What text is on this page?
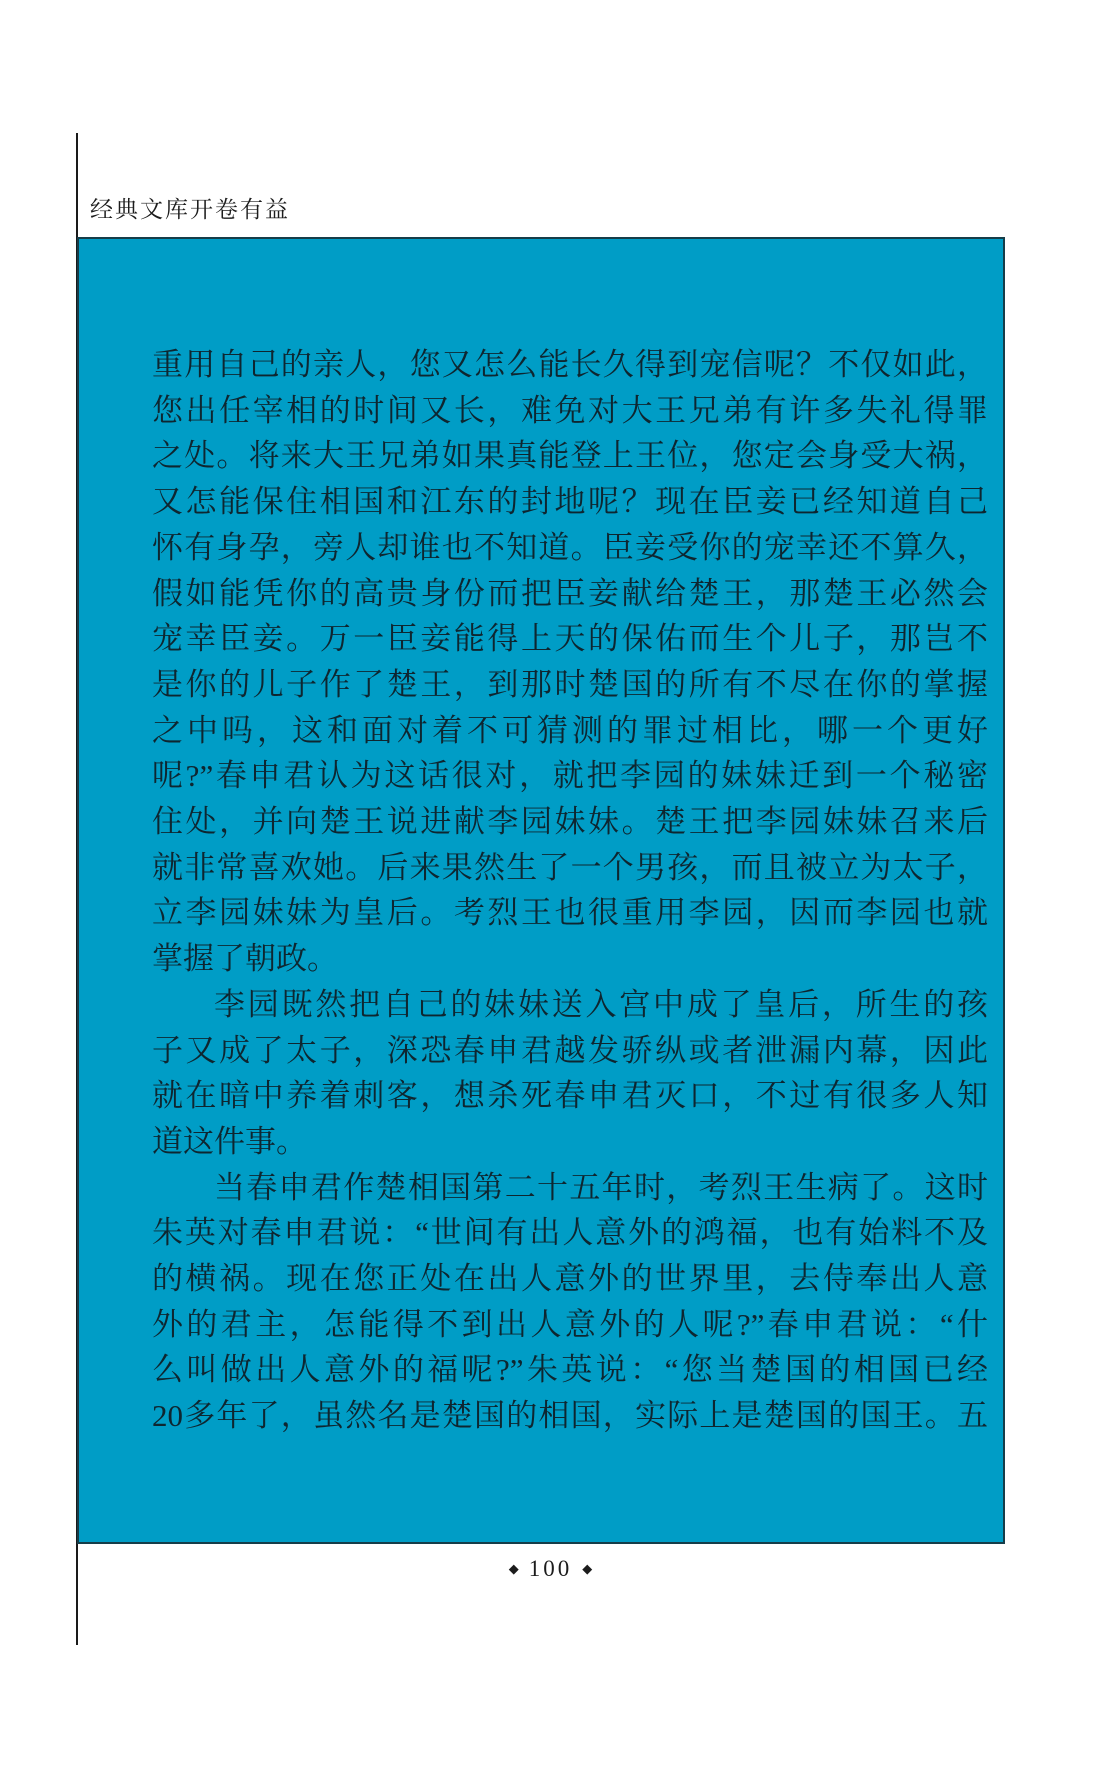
经典文库开卷有益
重用自己的亲人，您又怎么能长久得到宠信呢？不仅如此，
您出任宰相的时间又长，难免对大王兄弟有许多失礼得罪
之处。将来大王兄弟如果真能登上王位，您定会身受大祸，
又怎能保住相国和江东的封地呢？现在臣妾已经知道自己
怀有身孕，旁人却谁也不知道。臣妾受你的宠幸还不算久，
假如能凭你的高贵身份而把臣妾献给楚王，那楚王必然会
宠幸臣妾。万一臣妾能得上天的保佑而生个儿子，那岂不
是你的儿子作了楚王，到那时楚国的所有不尽在你的掌握
之中吗，这和面对着不可猜测的罪过相比，哪一个更好
呢?”春申君认为这话很对，就把李园的妹妹迁到一个秘密
住处，并向楚王说进献李园妹妹。楚王把李园妹妹召来后
就非常喜欢她。后来果然生了一个男孩，而且被立为太子，
立李园妹妹为皇后。考烈王也很重用李园，因而李园也就
掌握了朝政。
李园既然把自己的妹妹送入宫中成了皇后，所生的孩
子又成了太子，深恐春申君越发骄纵或者泄漏内幕，因此
就在暗中养着刺客，想杀死春申君灭口，不过有很多人知
道这件事。
当春申君作楚相国第二十五年时，考烈王生病了。这时
朱英对春申君说：“世间有出人意外的鸿福，也有始料不及
的横祸。现在您正处在出人意外的世界里，去侍奉出人意
外的君主，怎能得不到出人意外的人呢?”春申君说：“什
么叫做出人意外的福呢?”朱英说：“您当楚国的相国已经
20多年了，虽然名是楚国的相国，实际上是楚国的国王。五
◆ 100 ◆
